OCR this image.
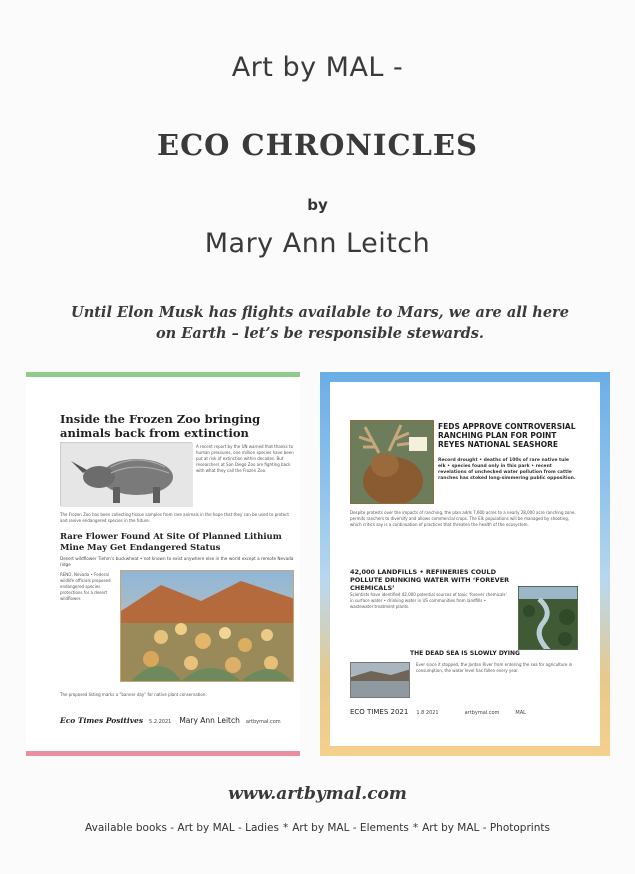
Art by MAL -
ECO CHRONICLES
by
Mary Ann Leitch
Until Elon Musk has flights available to Mars, we are all here
on Earth – let’s be responsible stewards.
Inside the Frozen Zoo bringing animals back from extinction
A recent report by the UN warned that thanks to human pressures, one million species have been put at risk of extinction within decades. But researchers at San Diego Zoo are fighting back with what they call the Frozen Zoo.
The Frozen Zoo has been collecting tissue samples from rare animals in the hope that they can be used to protect and revive endangered species in the future.
Rare Flower Found At Site Of Planned Lithium Mine May Get Endangered Status
Desert wildflower Tiehm’s buckwheat • not known to exist anywhere else in the world except a remote Nevada ridge
RENO, Nevada • Federal wildlife officials proposed endangered species protections for a desert wildflower.
The proposed listing marks a “banner day” for native plant conservation.
Eco Times Positives 5.2.2021 Mary Ann Leitch artbymal.com
FEDS APPROVE CONTROVERSIAL RANCHING PLAN FOR POINT REYES NATIONAL SEASHORE
Record drought • deaths of 100s of rare native tule elk • species found only in this park • recent revelations of unchecked water pollution from cattle ranches has stoked long-simmering public opposition.
Despite protests over the impacts of ranching, the plan adds 7,600 acres to a nearly 28,000 acre ranching zone, permits ranchers to diversify and allows commercial crops. The Elk populations will be managed by shooting, which critics say is a continuation of practices that threaten the health of the ecosystem.
42,000 LANDFILLS • REFINERIES COULD POLLUTE DRINKING WATER WITH ‘FOREVER CHEMICALS’
Scientists have identified 42,000 potential sources of toxic ‘forever chemicals’ in surface water • drinking water in US communities from landfills • wastewater treatment plants.
THE DEAD SEA IS SLOWLY DYING
Ever since it stopped, the Jordan River from entering the sea for agriculture in consumption, the water level has fallen every year.
ECO TIMES 2021 1.8 2021	artbymal.com	MAL
www.artbymal.com
Available books - Art by MAL - Ladies * Art by MAL - Elements * Art by MAL - Photoprints
